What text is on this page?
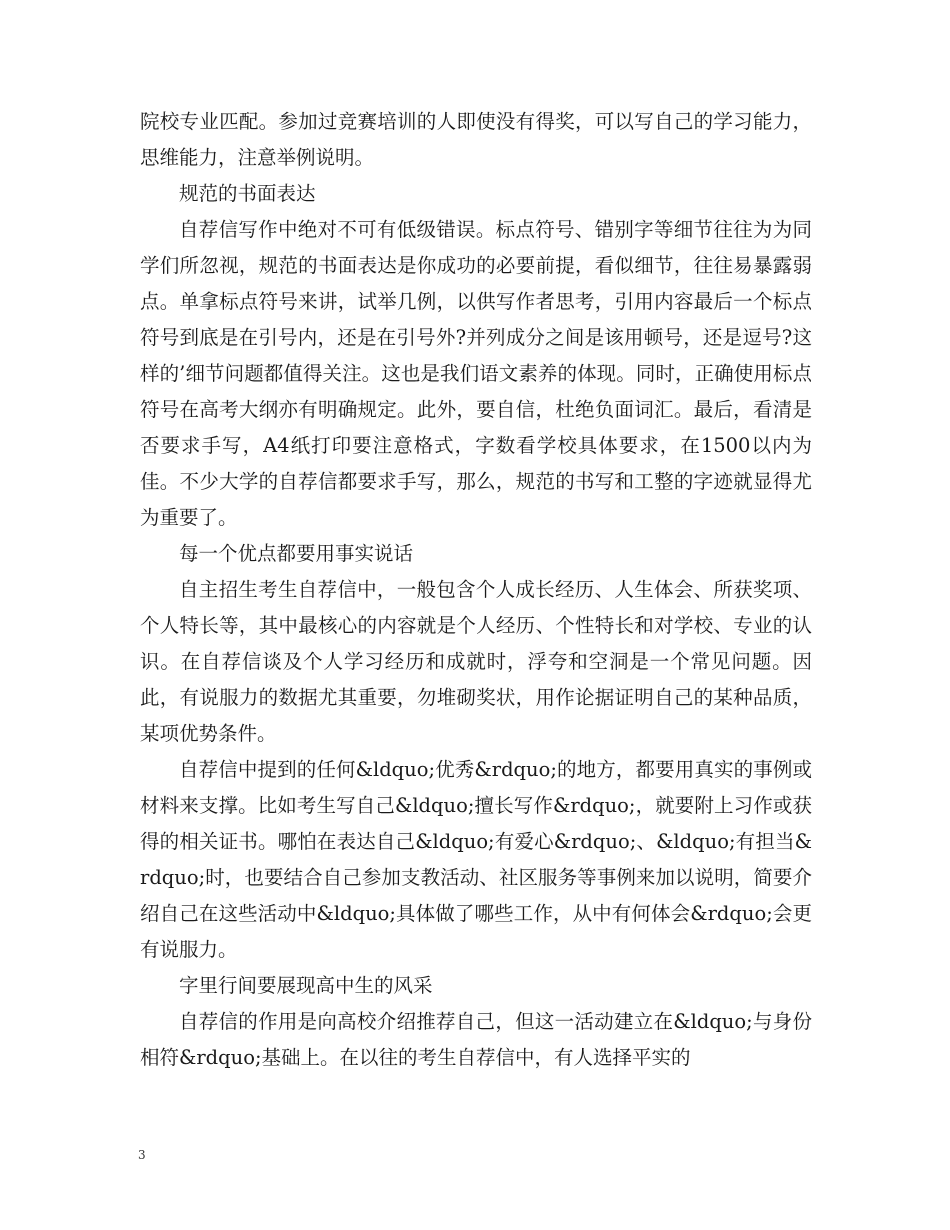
院校专业匹配。参加过竞赛培训的人即使没有得奖，可以写自己的学习能力，思维能力，注意举例说明。

规范的书面表达

自荐信写作中绝对不可有低级错误。标点符号、错别字等细节往往为为同学们所忽视，规范的书面表达是你成功的必要前提，看似细节，往往易暴露弱点。单拿标点符号来讲，试举几例，以供写作者思考，引用内容最后一个标点符号到底是在引号内，还是在引号外?并列成分之间是该用顿号，还是逗号?这样的’细节问题都值得关注。这也是我们语文素养的体现。同时，正确使用标点符号在高考大纲亦有明确规定。此外，要自信，杜绝负面词汇。最后，看清是否要求手写，A4纸打印要注意格式，字数看学校具体要求，在1500以内为佳。不少大学的自荐信都要求手写，那么，规范的书写和工整的字迹就显得尤为重要了。

每一个优点都要用事实说话

自主招生考生自荐信中，一般包含个人成长经历、人生体会、所获奖项、个人特长等，其中最核心的内容就是个人经历、个性特长和对学校、专业的认识。在自荐信谈及个人学习经历和成就时，浮夸和空洞是一个常见问题。因此，有说服力的数据尤其重要，勿堆砌奖状，用作论据证明自己的某种品质，某项优势条件。

自荐信中提到的任何&ldquo;优秀&rdquo;的地方，都要用真实的事例或材料来支撑。比如考生写自己&ldquo;擅长写作&rdquo;，就要附上习作或获得的相关证书。哪怕在表达自己&ldquo;有爱心&rdquo;、&ldquo;有担当&rdquo;时，也要结合自己参加支教活动、社区服务等事例来加以说明，简要介绍自己在这些活动中&ldquo;具体做了哪些工作，从中有何体会&rdquo;会更有说服力。

字里行间要展现高中生的风采

自荐信的作用是向高校介绍推荐自己，但这一活动建立在&ldquo;与身份相符&rdquo;基础上。在以往的考生自荐信中，有人选择平实的

3
